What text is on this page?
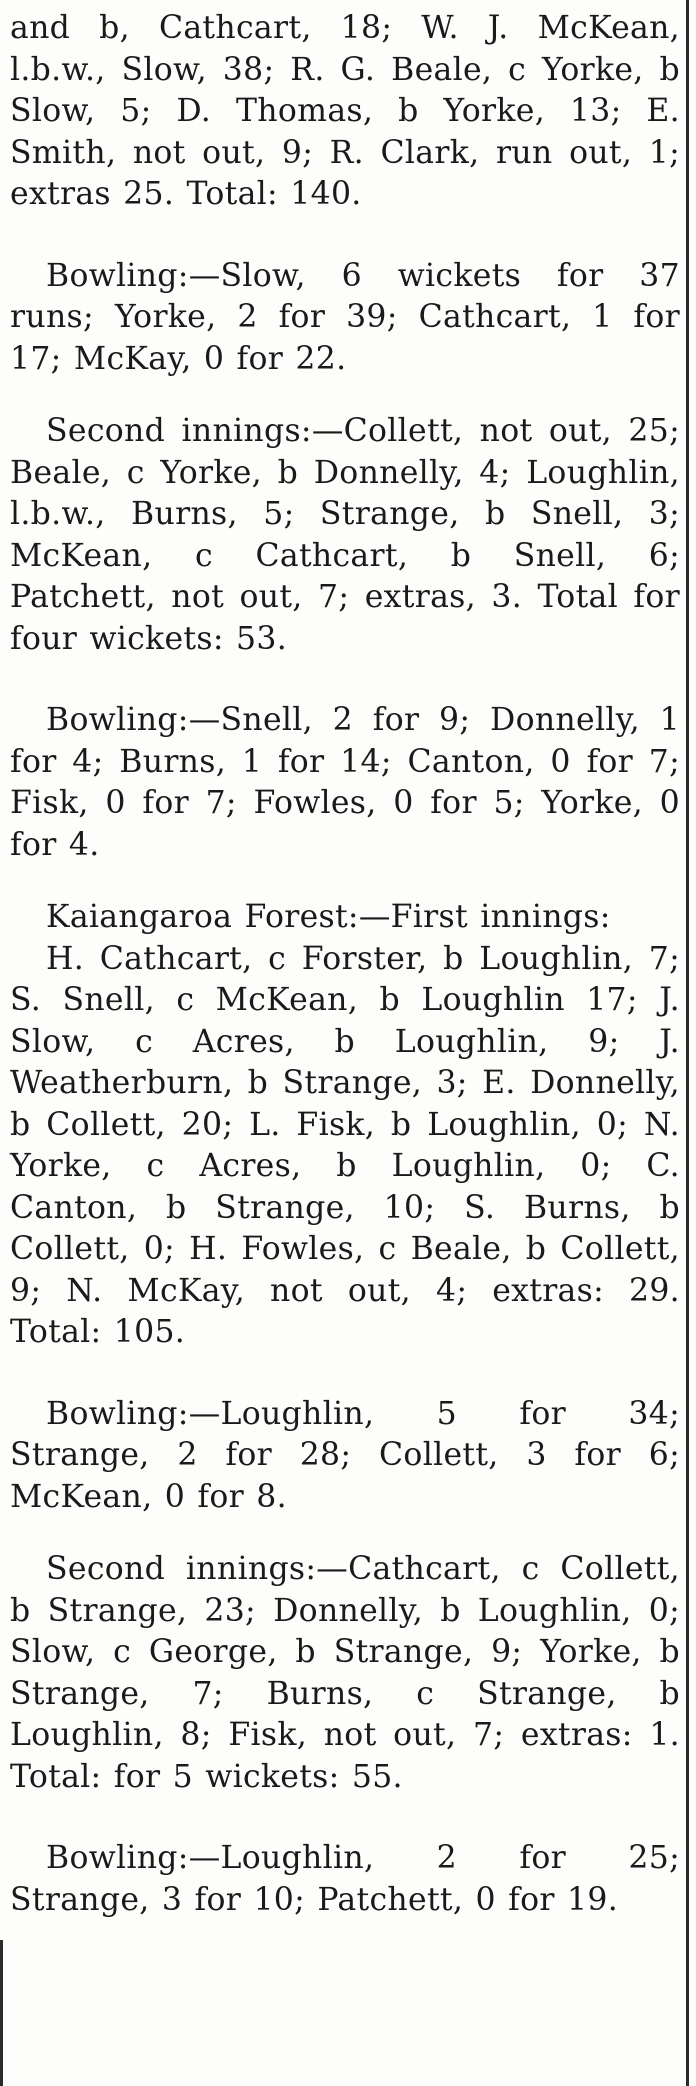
and b, Cathcart, 18; W. J. McKean, l.b.w., Slow, 38; R. G. Beale, c Yorke, b Slow, 5; D. Thomas, b Yorke, 13; E. Smith, not out, 9; R. Clark, run out, 1; extras 25. Total: 140.

Bowling:—Slow, 6 wickets for 37 runs; Yorke, 2 for 39; Cathcart, 1 for 17; McKay, 0 for 22.

Second innings:—Collett, not out, 25; Beale, c Yorke, b Donnelly, 4; Loughlin, l.b.w., Burns, 5; Strange, b Snell, 3; McKean, c Cathcart, b Snell, 6; Patchett, not out, 7; extras, 3. Total for four wickets: 53.

Bowling:—Snell, 2 for 9; Donnelly, 1 for 4; Burns, 1 for 14; Canton, 0 for 7; Fisk, 0 for 7; Fowles, 0 for 5; Yorke, 0 for 4.

Kaiangaroa Forest:—First innings:

H. Cathcart, c Forster, b Loughlin, 7; S. Snell, c McKean, b Loughlin 17; J. Slow, c Acres, b Loughlin, 9; J. Weatherburn, b Strange, 3; E. Donnelly, b Collett, 20; L. Fisk, b Loughlin, 0; N. Yorke, c Acres, b Loughlin, 0; C. Canton, b Strange, 10; S. Burns, b Collett, 0; H. Fowles, c Beale, b Collett, 9; N. McKay, not out, 4; extras: 29. Total: 105.

Bowling:—Loughlin, 5 for 34; Strange, 2 for 28; Collett, 3 for 6; McKean, 0 for 8.

Second innings:—Cathcart, c Collett, b Strange, 23; Donnelly, b Loughlin, 0; Slow, c George, b Strange, 9; Yorke, b Strange, 7; Burns, c Strange, b Loughlin, 8; Fisk, not out, 7; extras: 1. Total: for 5 wickets: 55.

Bowling:—Loughlin, 2 for 25; Strange, 3 for 10; Patchett, 0 for 19.
